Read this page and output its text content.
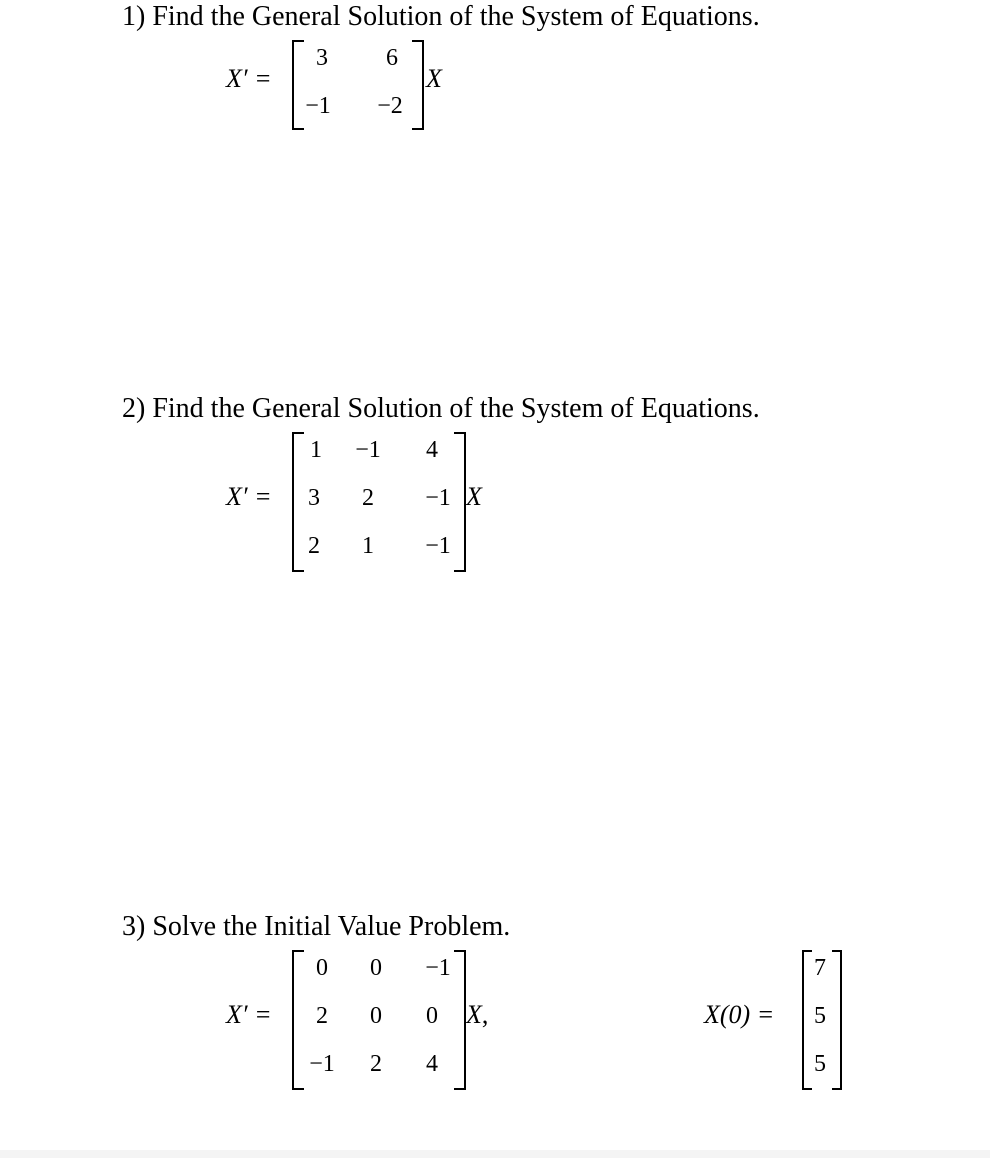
1) Find the General Solution of the System of Equations.
X′ =
3 6
−1 −2
X
2) Find the General Solution of the System of Equations.
X′ =
1 −1 4
3 2 −1
2 1 −1
X
3) Solve the Initial Value Problem.
X′ =
0 0 −1
2 0 0
−1 2 4
X,	X(0) =
7
5
5
